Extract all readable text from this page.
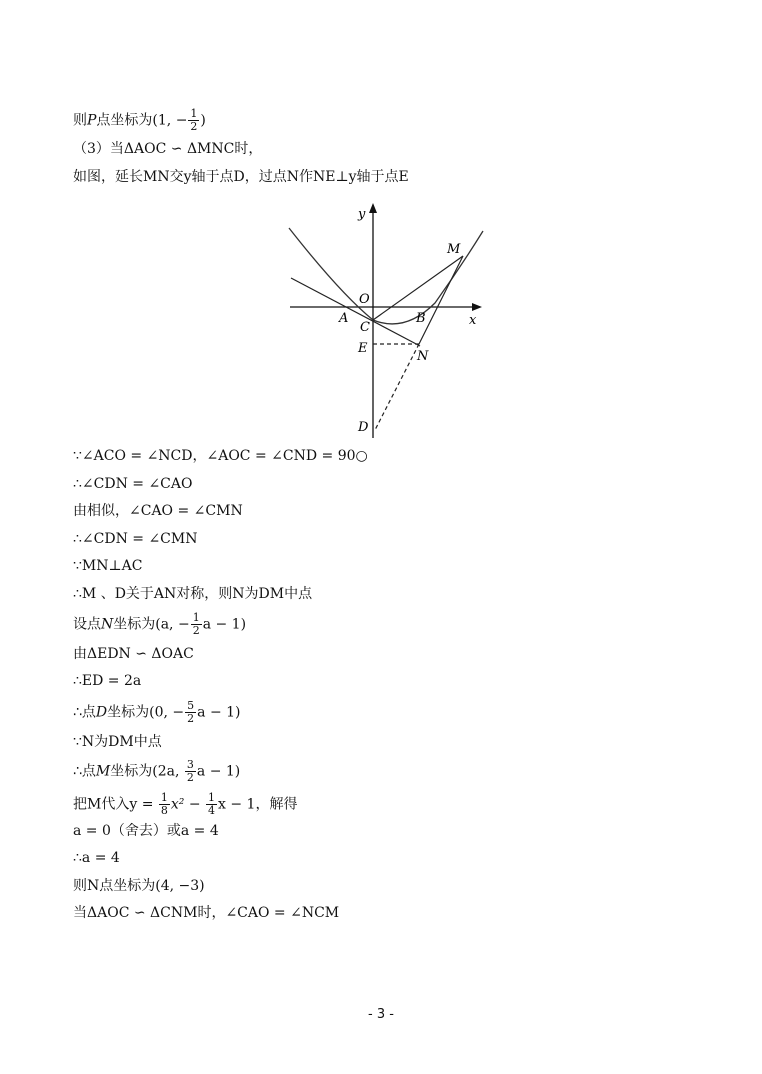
则P点坐标为(1, − $\frac{1}{2}$ )
（3）当ΔAOC ∽ ΔMNC时，
如图，延长MN交y轴于点D，过点N作NE⊥y轴于点E
y
x
O
A	B
C
E
N
M
D
∵∠ACO = ∠NCD，∠AOC = ∠CND = 90○
∴∠CDN = ∠CAO
由相似，∠CAO = ∠CMN
∴∠CDN = ∠CMN
∵MN⊥AC
∴M 、D关于AN对称，则N为DM中点
设点N坐标为(a, − $\frac{1}{2}$ a − 1)
由ΔEDN ∽ ΔOAC
∴ED = 2a
∴点D坐标为(0, − $\frac{5}{2}$ a − 1)
∵N为DM中点
∴点M坐标为(2a, $\frac{3}{2}$ a − 1)
把M代入$y = \frac{1}{8} x^2 - \frac{1}{4}$ x − 1，解得
a = 0（舍去）或a = 4
∴a = 4
则N点坐标为(4, −3)
当ΔAOC ∽ ΔCNM时，∠CAO = ∠NCM
- 3 -
